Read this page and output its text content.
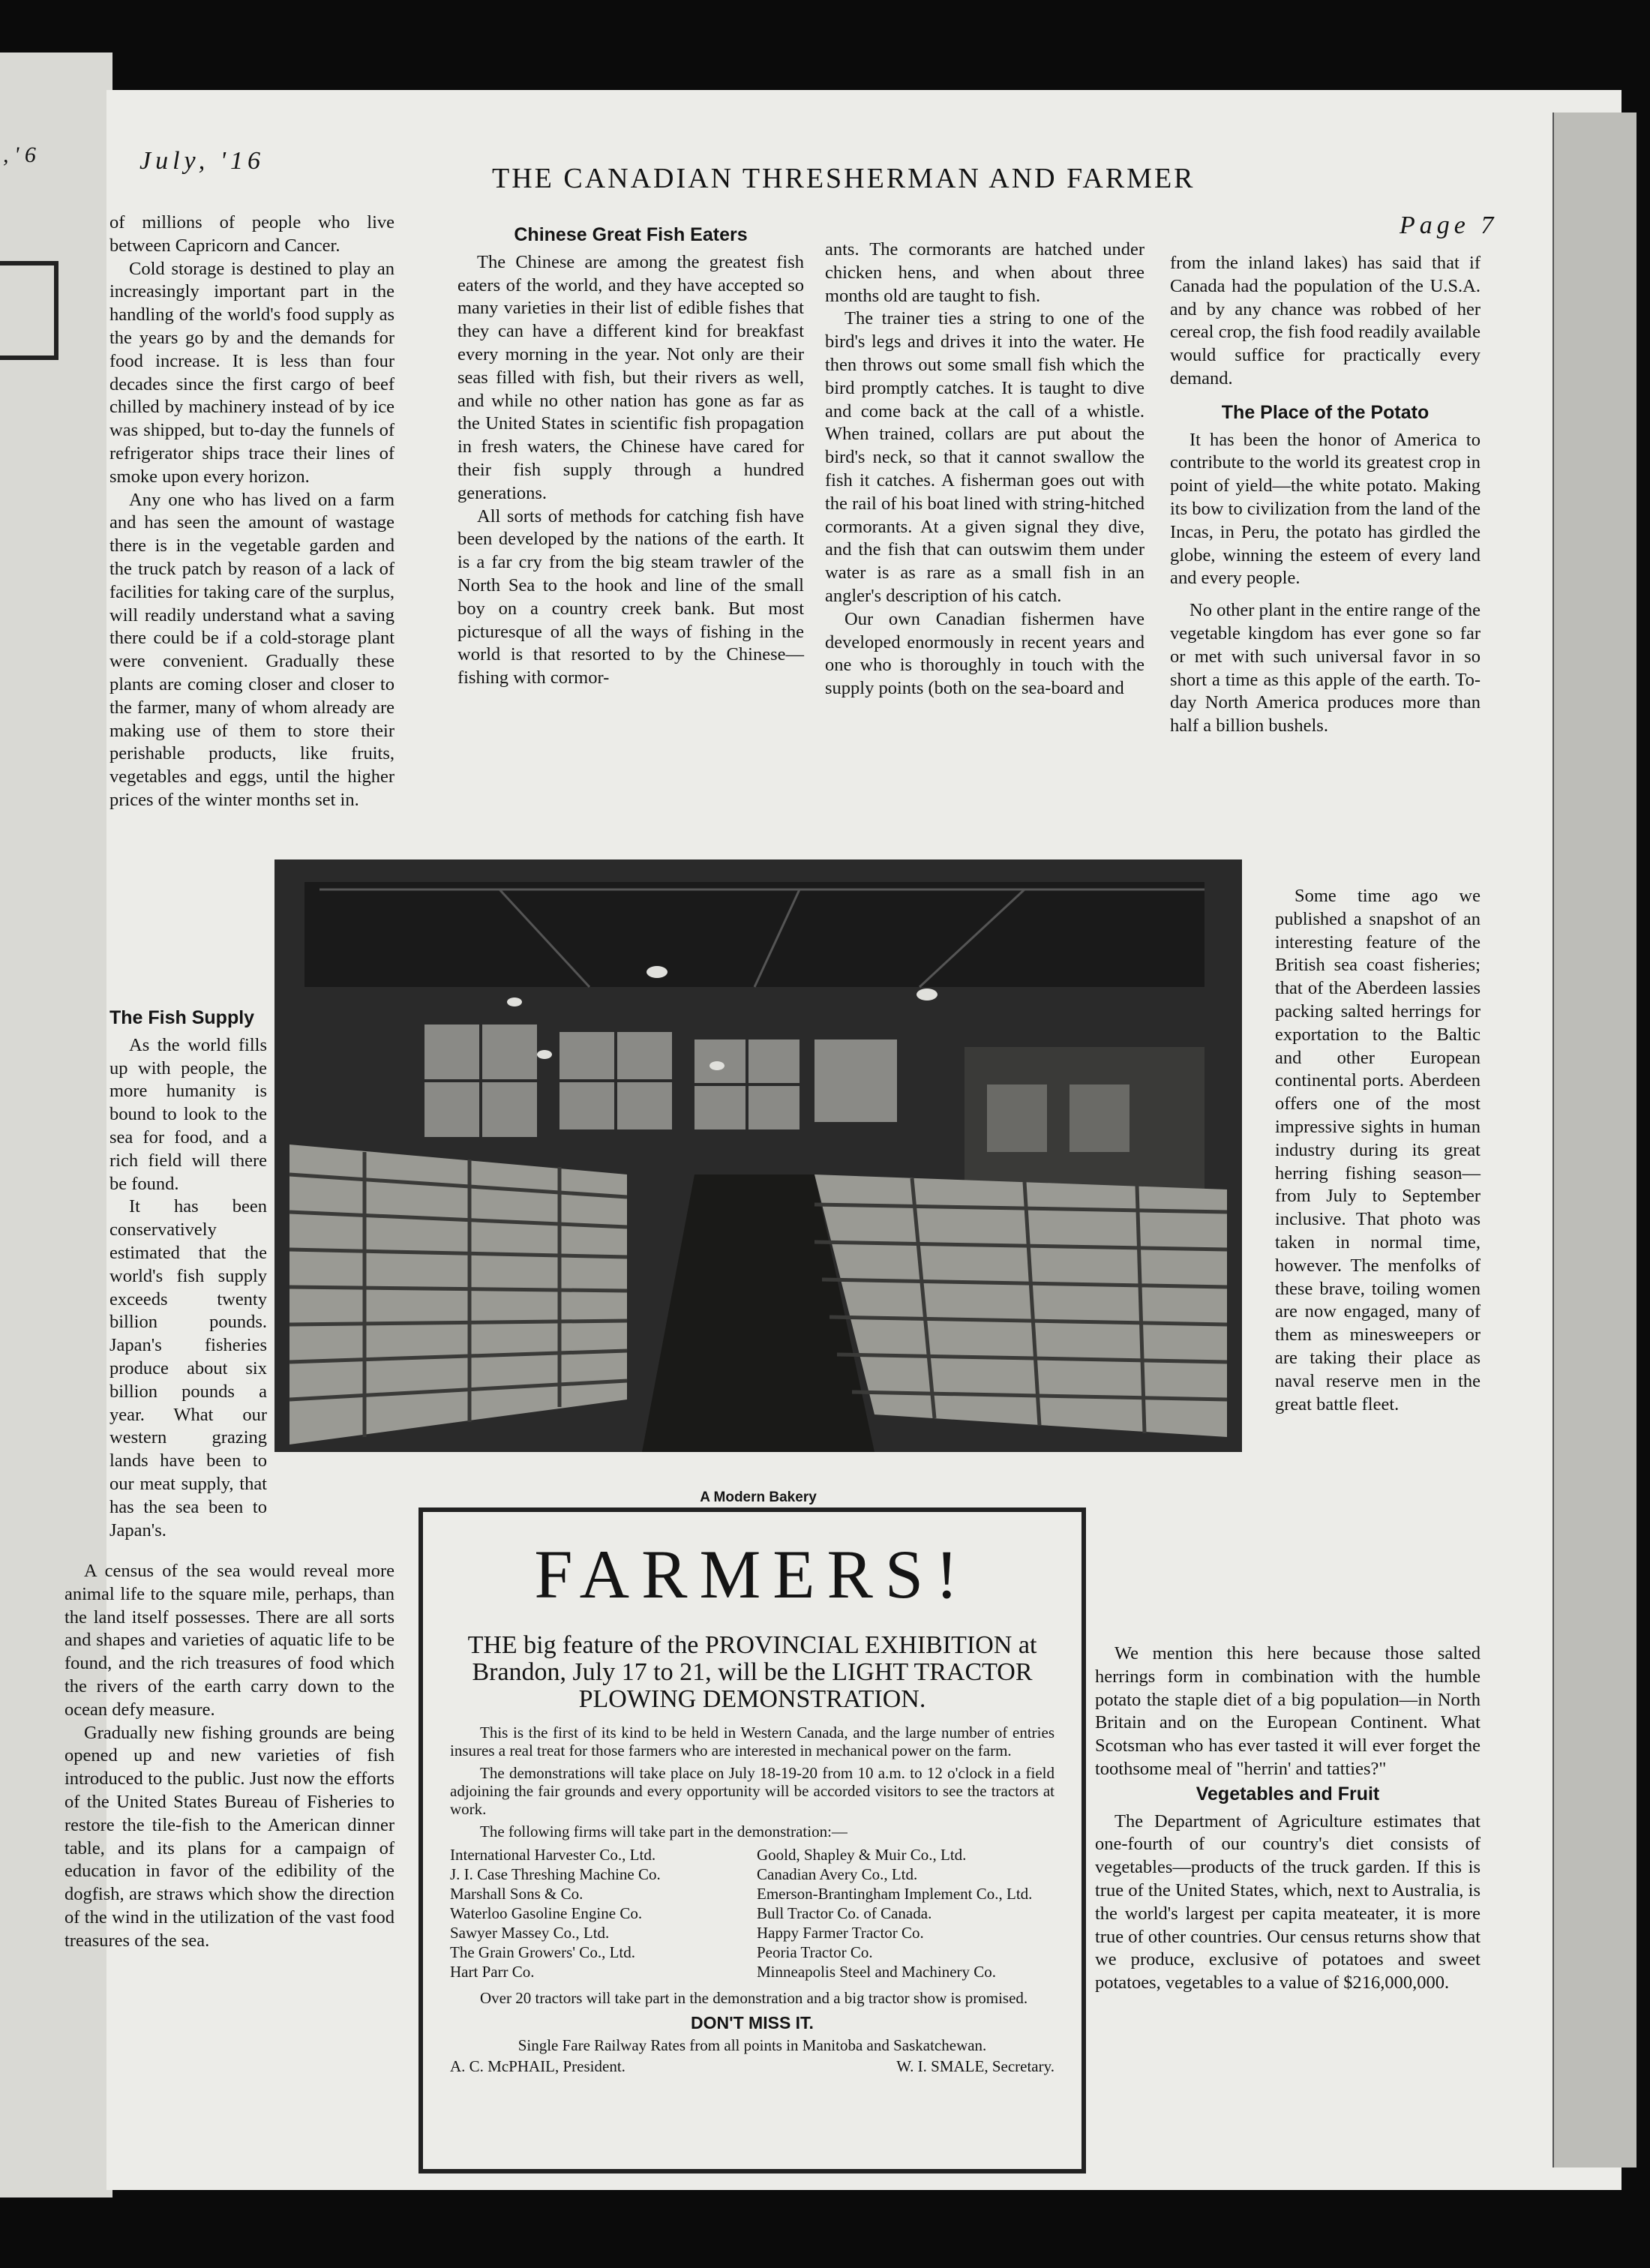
, ' 6	July, '16
THE CANADIAN THRESHERMAN AND FARMER
Page 7

of millions of people who live between Capricorn and Cancer.

Cold storage is destined to play an increasingly important part in the handling of the world's food supply as the years go by and the demands for food increase. It is less than four decades since the first cargo of beef chilled by machinery instead of by ice was shipped, but to-day the funnels of refrigerator ships trace their lines of smoke upon every horizon.

Any one who has lived on a farm and has seen the amount of wastage there is in the vegetable garden and the truck patch by reason of a lack of facilities for taking care of the surplus, will readily understand what a saving there could be if a cold-storage plant were convenient. Gradually these plants are coming closer and closer to the farmer, many of whom already are making use of them to store their perishable products, like fruits, vegetables and eggs, until the higher prices of the winter months set in.

The Fish Supply

As the world fills up with people, the more humanity is bound to look to the sea for food, and a rich field will there be found.

It has been conservatively estimated that the world's fish supply exceeds twenty billion pounds. Japan's fisheries produce about six billion pounds a year. What our western grazing lands have been to our meat supply, that has the sea been to Japan's.

A census of the sea would reveal more animal life to the square mile, perhaps, than the land itself possesses. There are all sorts and shapes and varieties of aquatic life to be found, and the rich treasures of food which the rivers of the earth carry down to the ocean defy measure.

Gradually new fishing grounds are being opened up and new varieties of fish introduced to the public. Just now the efforts of the United States Bureau of Fisheries to restore the tile-fish to the American dinner table, and its plans for a campaign of education in favor of the edibility of the dogfish, are straws which show the direction of the wind in the utilization of the vast food treasures of the sea.

Chinese Great Fish Eaters

The Chinese are among the greatest fish eaters of the world, and they have accepted so many varieties in their list of edible fishes that they can have a different kind for breakfast every morning in the year. Not only are their seas filled with fish, but their rivers as well, and while no other nation has gone as far as the United States in scientific fish propagation in fresh waters, the Chinese have cared for their fish supply through a hundred generations.

All sorts of methods for catching fish have been developed by the nations of the earth. It is a far cry from the big steam trawler of the North Sea to the hook and line of the small boy on a country creek bank. But most picturesque of all the ways of fishing in the world is that resorted to by the Chinese—fishing with cormor-

ants. The cormorants are hatched under chicken hens, and when about three months old are taught to fish.

The trainer ties a string to one of the bird's legs and drives it into the water. He then throws out some small fish which the bird promptly catches. It is taught to dive and come back at the call of a whistle. When trained, collars are put about the bird's neck, so that it cannot swallow the fish it catches. A fisherman goes out with the rail of his boat lined with string-hitched cormorants. At a given signal they dive, and the fish that can outswim them under water is as rare as a small fish in an angler's description of his catch.

Our own Canadian fishermen have developed enormously in recent years and one who is thoroughly in touch with the supply points (both on the sea-board and

from the inland lakes) has said that if Canada had the population of the U.S.A. and by any chance was robbed of her cereal crop, the fish food readily available would suffice for practically every demand.

The Place of the Potato

It has been the honor of America to contribute to the world its greatest crop in point of yield—the white potato. Making its bow to civilization from the land of the Incas, in Peru, the potato has girdled the globe, winning the esteem of every land and every people.

No other plant in the entire range of the vegetable kingdom has ever gone so far or met with such universal favor in so short a time as this apple of the earth. To-day North America produces more than half a billion bushels.

Some time ago we published a snapshot of an interesting feature of the British sea coast fisheries; that of the Aberdeen lassies packing salted herrings for exportation to the Baltic and other European continental ports. Aberdeen offers one of the most impressive sights in human industry during its great herring fishing season—from July to September inclusive. That photo was taken in normal time, however. The menfolks of these brave, toiling women are now engaged, many of them as minesweepers or are taking their place as naval reserve men in the great battle fleet.

We mention this here because those salted herrings form in combination with the humble potato the staple diet of a big population—in North Britain and on the European Continent. What Scotsman who has ever tasted it will ever forget the toothsome meal of "herrin' and tatties?"

Vegetables and Fruit

The Department of Agriculture estimates that one-fourth of our country's diet consists of vegetables—products of the truck garden. If this is true of the United States, which, next to Australia, is the world's largest per capita meateater, it is more true of other countries. Our census returns show that we produce, exclusive of potatoes and sweet potatoes, vegetables to a value of $216,000,000.

A Modern Bakery
FARMERS!
THE big feature of the PROVINCIAL EXHIBITION at Brandon, July 17 to 21, will be the LIGHT TRACTOR PLOWING DEMONSTRATION.

This is the first of its kind to be held in Western Canada, and the large number of entries insures a real treat for those farmers who are interested in mechanical power on the farm.

The demonstrations will take place on July 18-19-20 from 10 a.m. to 12 o'clock in a field adjoining the fair grounds and every opportunity will be accorded visitors to see the tractors at work.

The following firms will take part in the demonstration:—

International Harvester Co., Ltd.
J. I. Case Threshing Machine Co.
Marshall Sons & Co.
Waterloo Gasoline Engine Co.
Sawyer Massey Co., Ltd.
The Grain Growers' Co., Ltd.
Hart Parr Co.
Goold, Shapley & Muir Co., Ltd.
Canadian Avery Co., Ltd.
Emerson-Brantingham Implement Co., Ltd.
Bull Tractor Co. of Canada.
Happy Farmer Tractor Co.
Peoria Tractor Co.
Minneapolis Steel and Machinery Co.

Over 20 tractors will take part in the demonstration and a big tractor show is promised.

DON'T MISS IT.
Single Fare Railway Rates from all points in Manitoba and Saskatchewan.
A. C. McPHAIL, President.	W. I. SMALE, Secretary.
